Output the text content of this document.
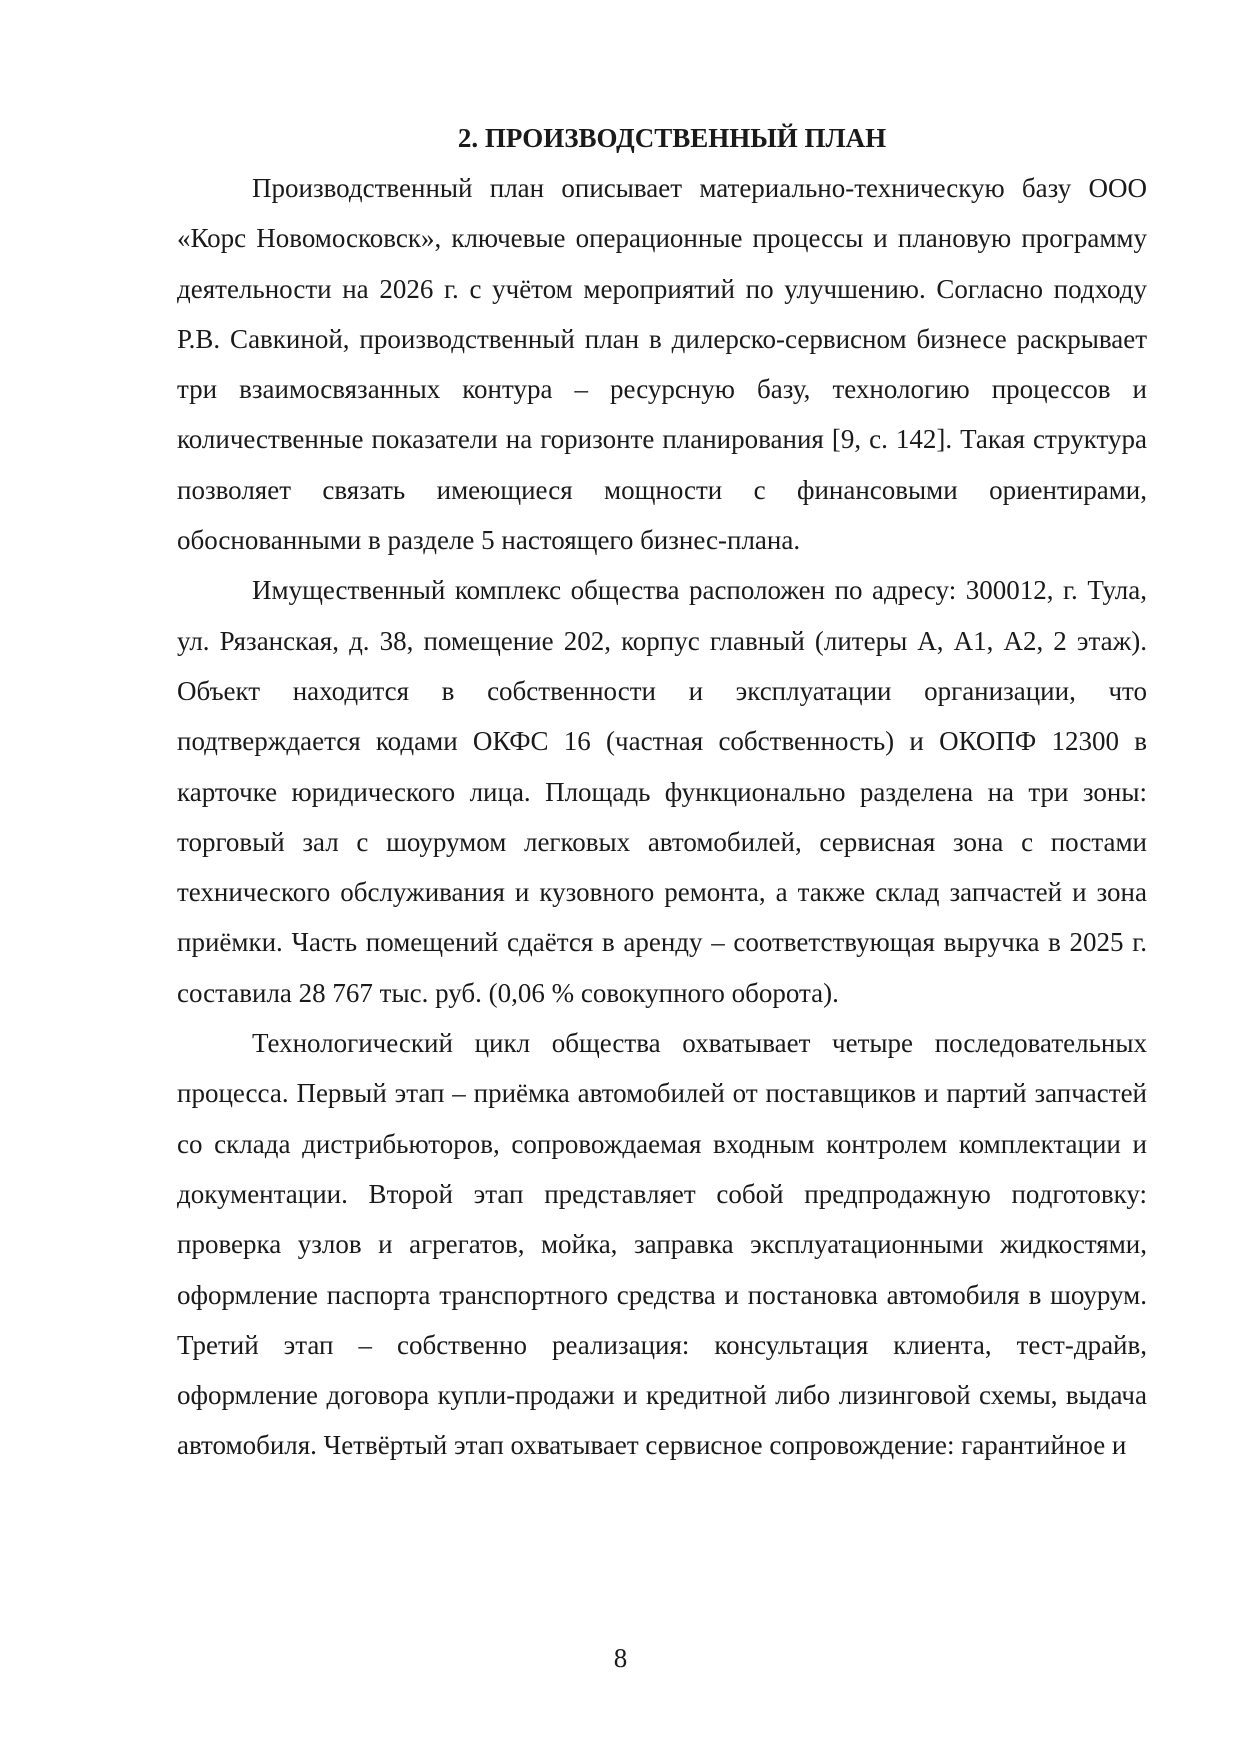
2. ПРОИЗВОДСТВЕННЫЙ ПЛАН

Производственный план описывает материально-техническую базу ООО «Корс Новомосковск», ключевые операционные процессы и плановую программу деятельности на 2026 г. с учётом мероприятий по улучшению. Согласно подходу Р.В. Савкиной, производственный план в дилерско-сервисном бизнесе раскрывает три взаимосвязанных контура – ресурсную базу, технологию процессов и количественные показатели на горизонте планирования [9, с. 142]. Такая структура позволяет связать имеющиеся мощности с финансовыми ориентирами, обоснованными в разделе 5 настоящего бизнес-плана.

Имущественный комплекс общества расположен по адресу: 300012, г. Тула, ул. Рязанская, д. 38, помещение 202, корпус главный (литеры А, А1, А2, 2 этаж). Объект находится в собственности и эксплуатации организации, что подтверждается кодами ОКФС 16 (частная собственность) и ОКОПФ 12300 в карточке юридического лица. Площадь функционально разделена на три зоны: торговый зал с шоурумом легковых автомобилей, сервисная зона с постами технического обслуживания и кузовного ремонта, а также склад запчастей и зона приёмки. Часть помещений сдаётся в аренду – соответствующая выручка в 2025 г. составила 28 767 тыс. руб. (0,06 % совокупного оборота).

Технологический цикл общества охватывает четыре последовательных процесса. Первый этап – приёмка автомобилей от поставщиков и партий запчастей со склада дистрибьюторов, сопровождаемая входным контролем комплектации и документации. Второй этап представляет собой предпродажную подготовку: проверка узлов и агрегатов, мойка, заправка эксплуатационными жидкостями, оформление паспорта транспортного средства и постановка автомобиля в шоурум. Третий этап – собственно реализация: консультация клиента, тест-драйв, оформление договора купли-продажи и кредитной либо лизинговой схемы, выдача автомобиля. Четвёртый этап охватывает сервисное сопровождение: гарантийное и

8
